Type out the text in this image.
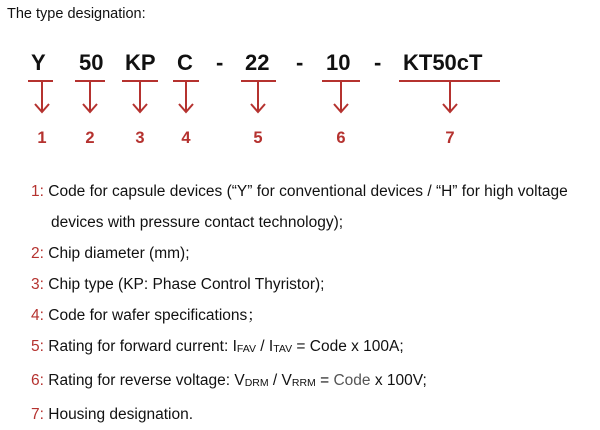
The type designation:
Y 50 KP C - 22 - 10 - KT50cT
1	2	3	4	5	6	7
1: Code for capsule devices (“Y” for conventional devices / “H” for high voltage
devices with pressure contact technology);
2: Chip diameter (mm);
3: Chip type (KP: Phase Control Thyristor);
4: Code for wafer specifications；
5: Rating for forward current: IFAV / ITAV = Code x 100A;
6: Rating for reverse voltage: VDRM / VRRM = Code x 100V;
7: Housing designation.
